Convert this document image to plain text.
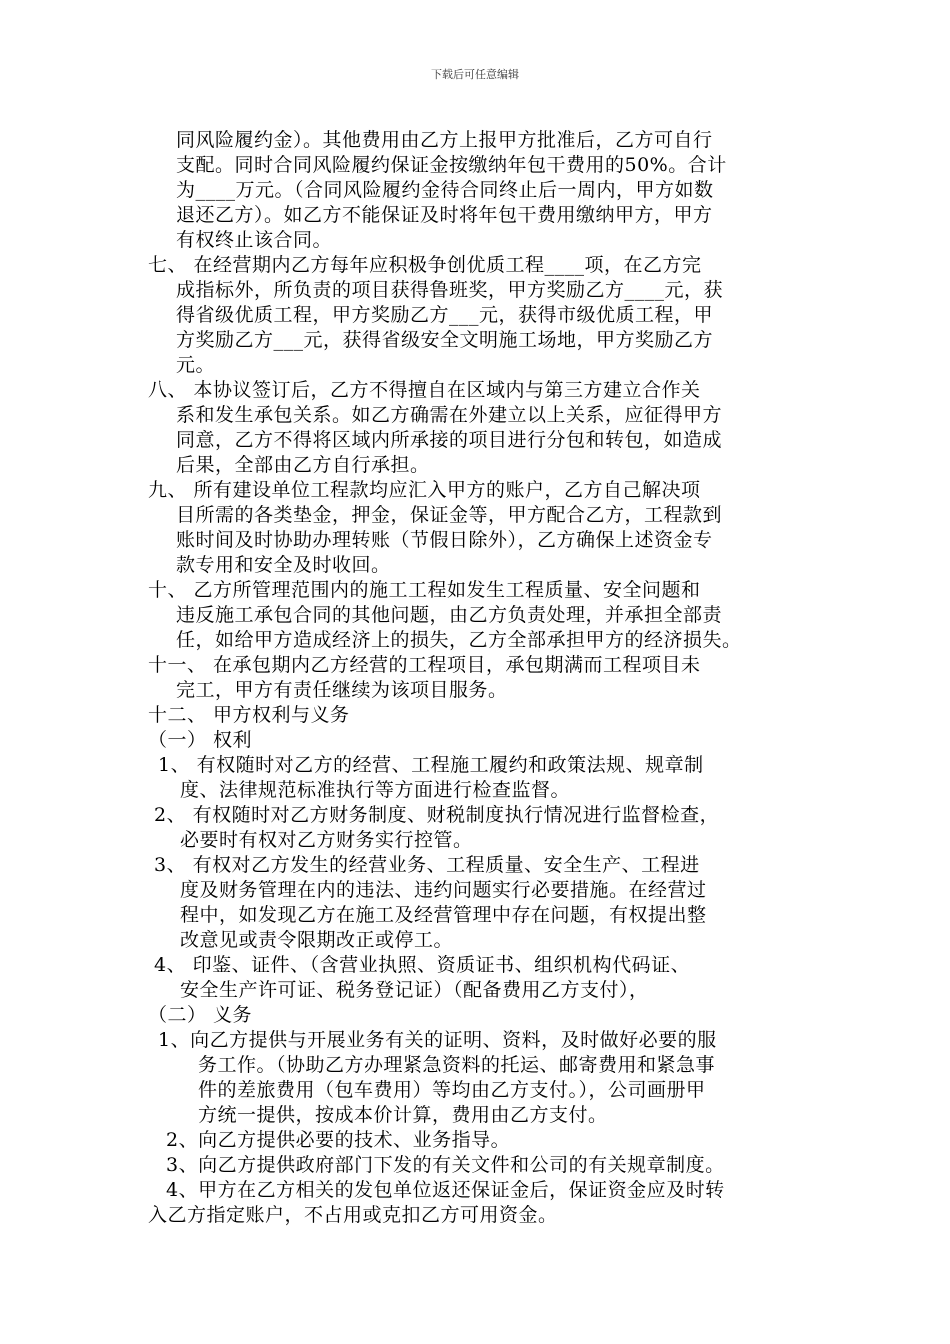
下载后可任意编辑
同风险履约金）。其他费用由乙方上报甲方批准后，乙方可自行
支配。同时合同风险履约保证金按缴纳年包干费用的50%。合计
为____万元。（合同风险履约金待合同终止后一周内，甲方如数
退还乙方）。如乙方不能保证及时将年包干费用缴纳甲方，甲方
有权终止该合同。
七、 在经营期内乙方每年应积极争创优质工程____项，在乙方完
成指标外，所负责的项目获得鲁班奖，甲方奖励乙方____元，获
得省级优质工程，甲方奖励乙方___元，获得市级优质工程，甲
方奖励乙方___元，获得省级安全文明施工场地，甲方奖励乙方
元。
八、 本协议签订后，乙方不得擅自在区域内与第三方建立合作关
系和发生承包关系。如乙方确需在外建立以上关系，应征得甲方
同意，乙方不得将区域内所承接的项目进行分包和转包，如造成
后果，全部由乙方自行承担。
九、 所有建设单位工程款均应汇入甲方的账户，乙方自己解决项
目所需的各类垫金，押金，保证金等，甲方配合乙方，工程款到
账时间及时协助办理转账（节假日除外），乙方确保上述资金专
款专用和安全及时收回。
十、 乙方所管理范围内的施工工程如发生工程质量、安全问题和
违反施工承包合同的其他问题，由乙方负责处理，并承担全部责
任，如给甲方造成经济上的损失，乙方全部承担甲方的经济损失。
十一、 在承包期内乙方经营的工程项目，承包期满而工程项目未
完工，甲方有责任继续为该项目服务。
十二、 甲方权利与义务
（一） 权利
1、 有权随时对乙方的经营、工程施工履约和政策法规、规章制
度、法律规范标准执行等方面进行检查监督。
2、 有权随时对乙方财务制度、财税制度执行情况进行监督检查，
必要时有权对乙方财务实行控管。
3、 有权对乙方发生的经营业务、工程质量、安全生产、工程进
度及财务管理在内的违法、违约问题实行必要措施。在经营过
程中，如发现乙方在施工及经营管理中存在问题，有权提出整
改意见或责令限期改正或停工。
4、 印鉴、证件、（含营业执照、资质证书、组织机构代码证、
安全生产许可证、税务登记证）（配备费用乙方支付），
（二） 义务
1、向乙方提供与开展业务有关的证明、资料，及时做好必要的服
务工作。（协助乙方办理紧急资料的托运、邮寄费用和紧急事
件的差旅费用（包车费用）等均由乙方支付。），公司画册甲
方统一提供，按成本价计算，费用由乙方支付。
2、向乙方提供必要的技术、业务指导。
3、向乙方提供政府部门下发的有关文件和公司的有关规章制度。
4、甲方在乙方相关的发包单位返还保证金后，保证资金应及时转
入乙方指定账户，不占用或克扣乙方可用资金。
